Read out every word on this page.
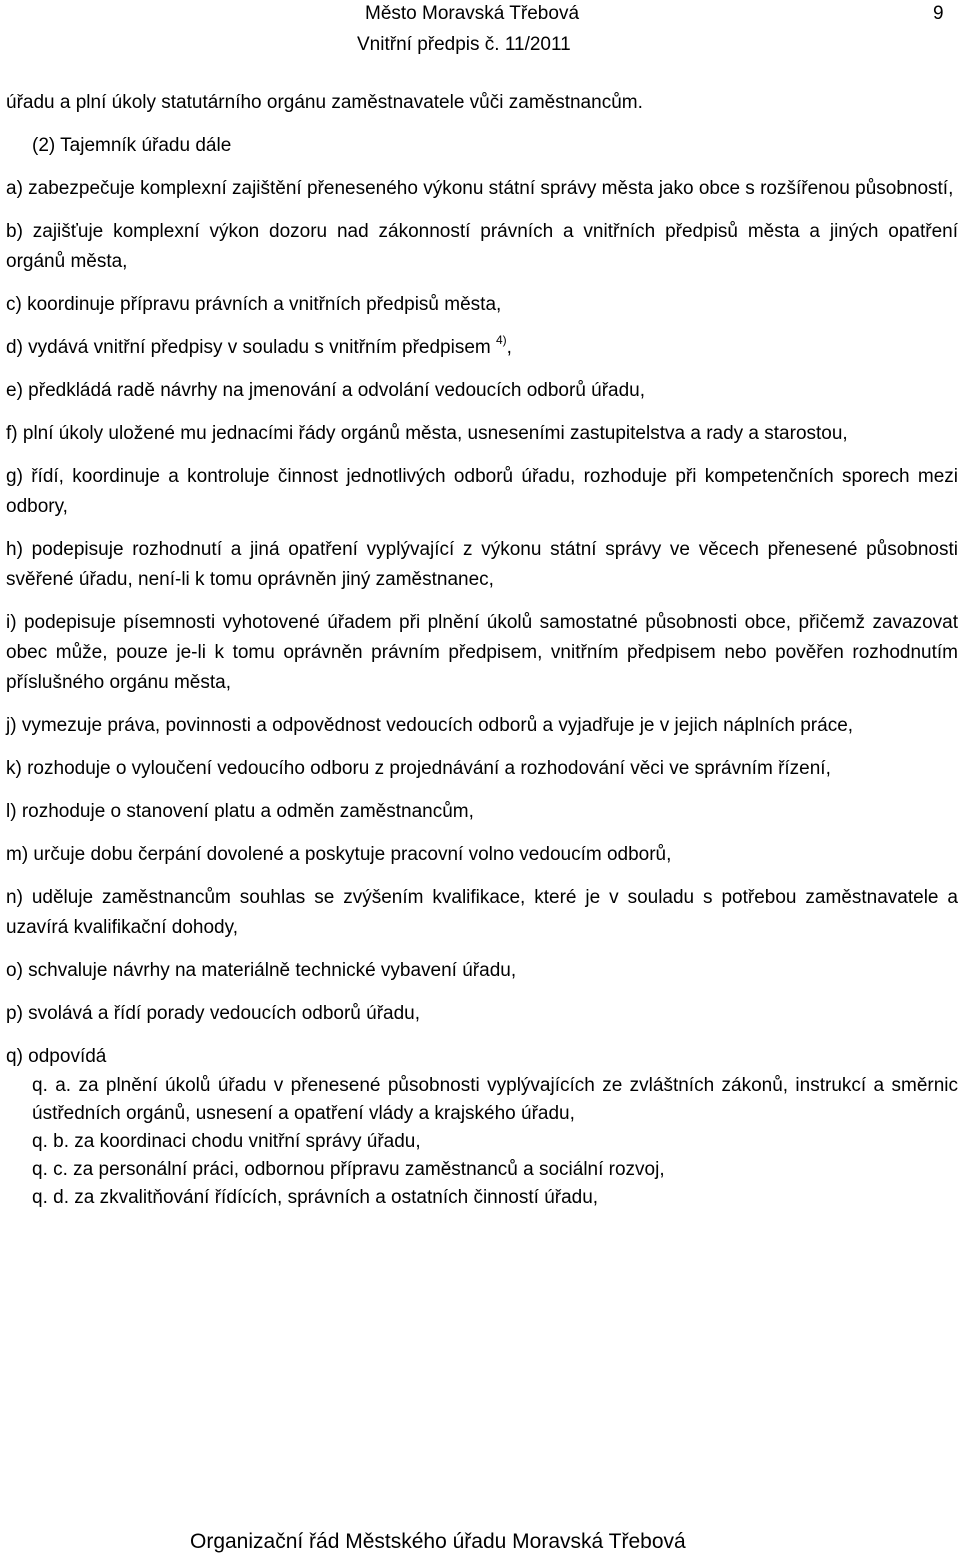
Město Moravská Třebová	9
Vnitřní předpis č. 11/2011

úřadu a plní úkoly statutárního orgánu zaměstnavatele vůči zaměstnancům.

(2) Tajemník úřadu dále

a) zabezpečuje komplexní zajištění přeneseného výkonu státní správy města jako obce s rozšířenou působností,

b) zajišťuje komplexní výkon dozoru nad zákonností právních a vnitřních předpisů města a jiných opatření orgánů města,

c) koordinuje přípravu právních a vnitřních předpisů města,

d) vydává vnitřní předpisy v souladu s vnitřním předpisem $^{4)}$,

e) předkládá radě návrhy na jmenování a odvolání vedoucích odborů úřadu,

f) plní úkoly uložené mu jednacími řády orgánů města, usneseními zastupitelstva a rady a starostou,

g) řídí, koordinuje a kontroluje činnost jednotlivých odborů úřadu, rozhoduje při kompetenčních sporech mezi odbory,

h) podepisuje rozhodnutí a jiná opatření vyplývající z výkonu státní správy ve věcech přenesené působnosti svěřené úřadu, není-li k tomu oprávněn jiný zaměstnanec,

i) podepisuje písemnosti vyhotovené úřadem při plnění úkolů samostatné působnosti obce, přičemž zavazovat obec může, pouze je-li k tomu oprávněn právním předpisem, vnitřním předpisem nebo pověřen rozhodnutím příslušného orgánu města,

j) vymezuje práva, povinnosti a odpovědnost vedoucích odborů a vyjadřuje je v jejich náplních práce,

k) rozhoduje o vyloučení vedoucího odboru z projednávání a rozhodování věci ve správním řízení,

l) rozhoduje o stanovení platu a odměn zaměstnancům,

m) určuje dobu čerpání dovolené a poskytuje pracovní volno vedoucím odborů,

n) uděluje zaměstnancům souhlas se zvýšením kvalifikace, které je v souladu s potřebou zaměstnavatele a uzavírá kvalifikační dohody,

o) schvaluje návrhy na materiálně technické vybavení úřadu,

p) svolává a řídí porady vedoucích odborů úřadu,

q) odpovídá

q. a. za plnění úkolů úřadu v přenesené působnosti vyplývajících ze zvláštních zákonů, instrukcí a směrnic ústředních orgánů, usnesení a opatření vlády a krajského úřadu,

q. b. za koordinaci chodu vnitřní správy úřadu,

q. c. za personální práci, odbornou přípravu zaměstnanců a sociální rozvoj,

q. d. za zkvalitňování řídících, správních a ostatních činností úřadu,

Organizační řád Městského úřadu Moravská Třebová
